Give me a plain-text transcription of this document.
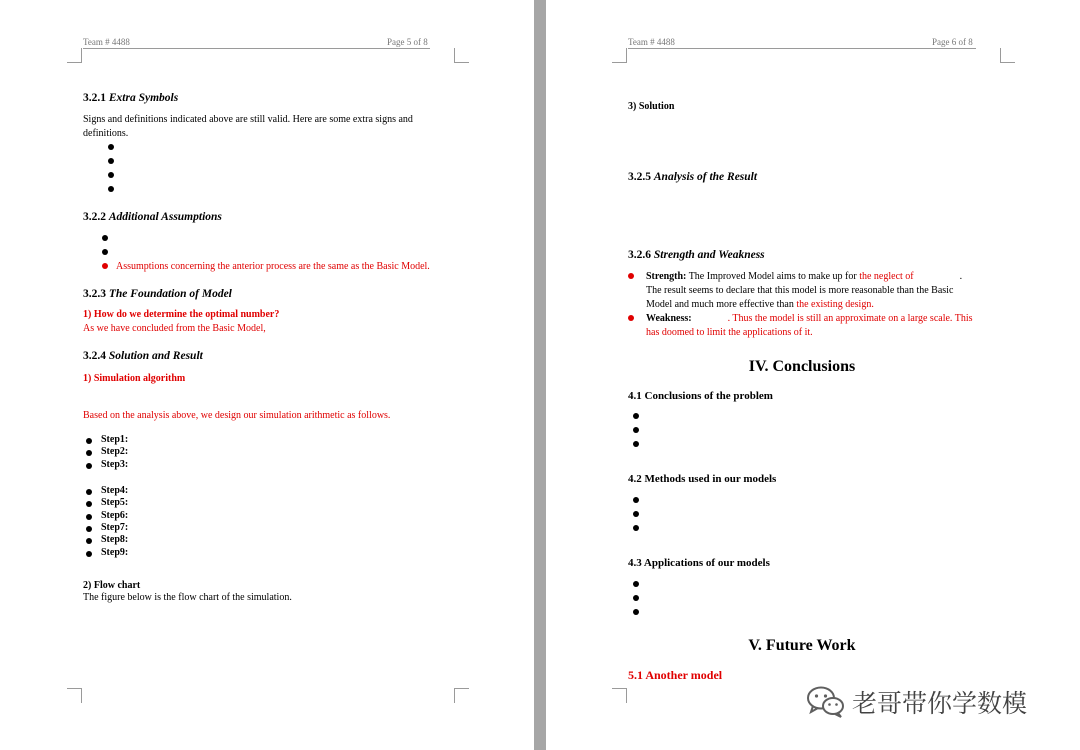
Team # 4488	Page 5 of 8
3.2.1 Extra Symbols
Signs and definitions indicated above are still valid. Here are some extra signs and
definitions.
3.2.2 Additional Assumptions
Assumptions concerning the anterior process are the same as the Basic Model.
3.2.3 The Foundation of Model
1) How do we determine the optimal number?
As we have concluded from the Basic Model,
3.2.4 Solution and Result
1) Simulation algorithm
Based on the analysis above, we design our simulation arithmetic as follows.
Step1:
Step2:
Step3:
Step4:
Step5:
Step6:
Step7:
Step8:
Step9:
2) Flow chart
The figure below is the flow chart of the simulation.
Team # 4488	Page 6 of 8
3) Solution
3.2.5 Analysis of the Result
3.2.6 Strength and Weakness
Strength: The Improved Model aims to make up for the neglect of	.
The result seems to declare that this model is more reasonable than the Basic
Model and much more effective than the existing design.
Weakness:	. Thus the model is still an approximate on a large scale. This
has doomed to limit the applications of it.
IV. Conclusions
4.1 Conclusions of the problem
4.2 Methods used in our models
4.3 Applications of our models
V. Future Work
5.1 Another model
老哥带你学数模
